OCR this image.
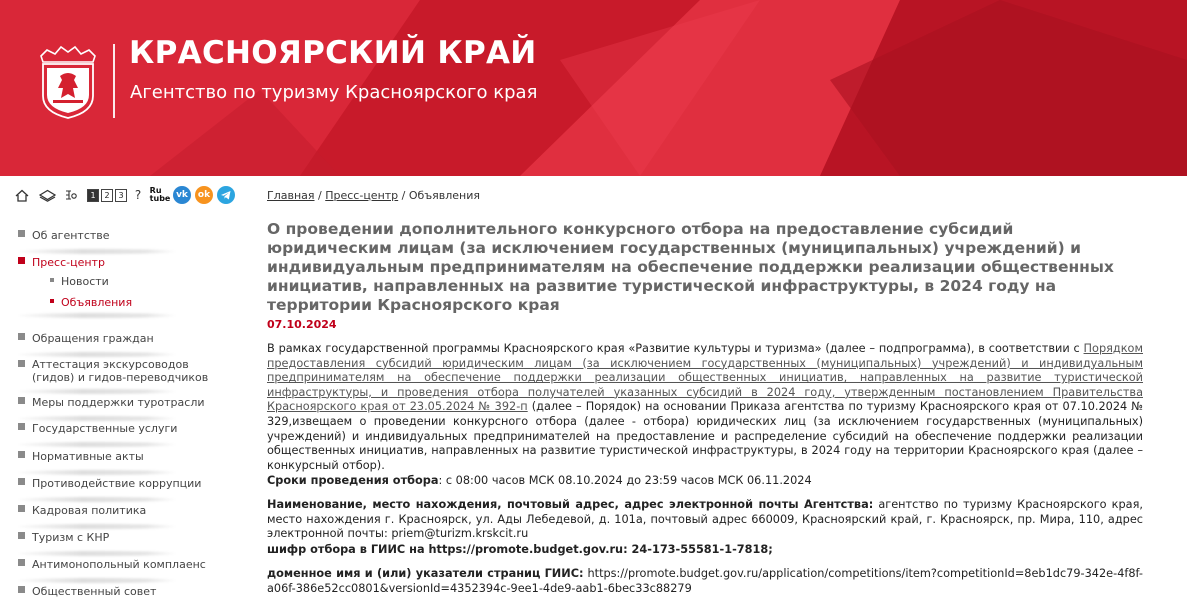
КРАСНОЯРСКИЙ КРАЙ
Агентство по туризму Красноярского края
1	2	3 ?	Ru
tube vk	ok
Об агентстве
Пресс-центр
Новости
Объявления
Обращения граждан
Аттестация экскурсоводов (гидов) и гидов-переводчиков
Меры поддержки туротрасли
Государственные услуги
Нормативные акты
Противодействие коррупции
Кадровая политика
Туризм с КНР
Антимонопольный комплаенс
Общественный совет
Главная / Пресс-центр / Объявления
О проведении дополнительного конкурсного отбора на предоставление субсидий юридическим лицам (за исключением государственных (муниципальных) учреждений) и индивидуальным предпринимателям на обеспечение поддержки реализации общественных инициатив, направленных на развитие туристической инфраструктуры, в 2024 году на территории Красноярского края
07.10.2024

В рамках государственной программы Красноярского края «Развитие культуры и туризма» (далее – подпрограмма), в соответствии с Порядком предоставления субсидий юридическим лицам (за исключением государственных (муниципальных) учреждений) и индивидуальным предпринимателям на обеспечение поддержки реализации общественных инициатив, направленных на развитие туристической инфраструктуры, и проведения отбора получателей указанных субсидий в 2024 году, утвержденным постановлением Правительства Красноярского края от 23.05.2024 № 392-п (далее – Порядок) на основании Приказа агентства по туризму Красноярского края от 07.10.2024 № 329,извещаем о проведении конкурсного отбора (далее - отбора) юридических лиц (за исключением государственных (муниципальных) учреждений) и индивидуальных предпринимателей на предоставление и распределение субсидий на обеспечение поддержки реализации общественных инициатив, направленных на развитие туристической инфраструктуры, в 2024 году на территории Красноярского края (далее – конкурсный отбор).

Сроки проведения отбора: с 08:00 часов МСК 08.10.2024 до 23:59 часов МСК 06.11.2024

Наименование, место нахождения, почтовый адрес, адрес электронной почты Агентства: агентство по туризму Красноярского края, место нахождения г. Красноярск, ул. Ады Лебедевой, д. 101а, почтовый адрес 660009, Красноярский край, г. Красноярск, пр. Мира, 110, адрес электронной почты: priem@turizm.krskcit.ru

шифр отбора в ГИИС на https://promote.budget.gov.ru: 24-173-55581-1-7818;

доменное имя и (или) указатели страниц ГИИС: https://promote.budget.gov.ru/application/competitions/item?competitionId=8eb1dc79-342e-4f8f-a06f-386e52cc0801&versionId=4352394c-9ee1-4de9-aab1-6bec33c88279
